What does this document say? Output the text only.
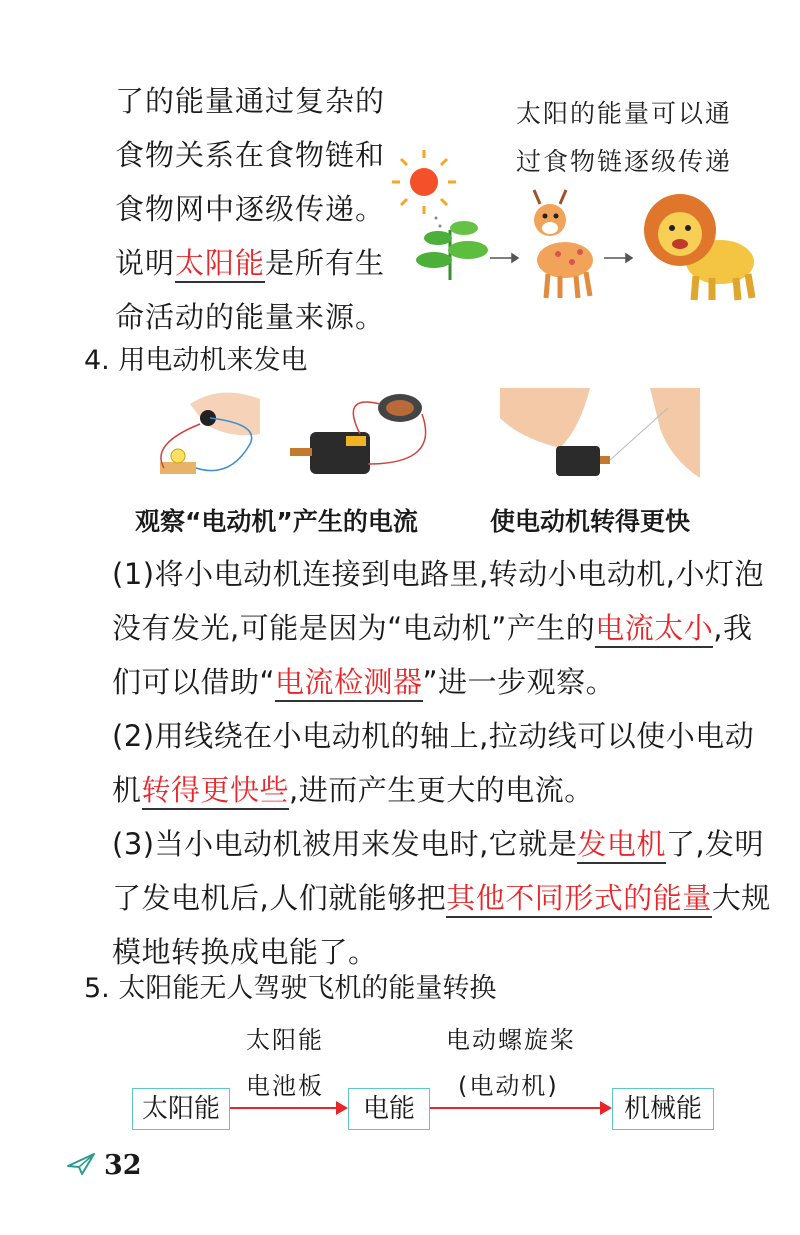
了的能量通过复杂的
食物关系在食物链和
食物网中逐级传递。
说明太阳能是所有生
命活动的能量来源。
太阳的能量可以通
过食物链逐级传递
4. 用电动机来发电
观察“电动机”产生的电流	使电动机转得更快
(1)将小电动机连接到电路里,转动小电动机,小灯泡
没有发光,可能是因为“电动机”产生的电流太小,我
们可以借助“电流检测器”进一步观察。
(2)用线绕在小电动机的轴上,拉动线可以使小电动
机转得更快些,进而产生更大的电流。
(3)当小电动机被用来发电时,它就是发电机了,发明
了发电机后,人们就能够把其他不同形式的能量大规
模地转换成电能了。
5. 太阳能无人驾驶飞机的能量转换
太阳能
电池板
电动螺旋桨
(电动机)
太阳能	电能	机械能
32
